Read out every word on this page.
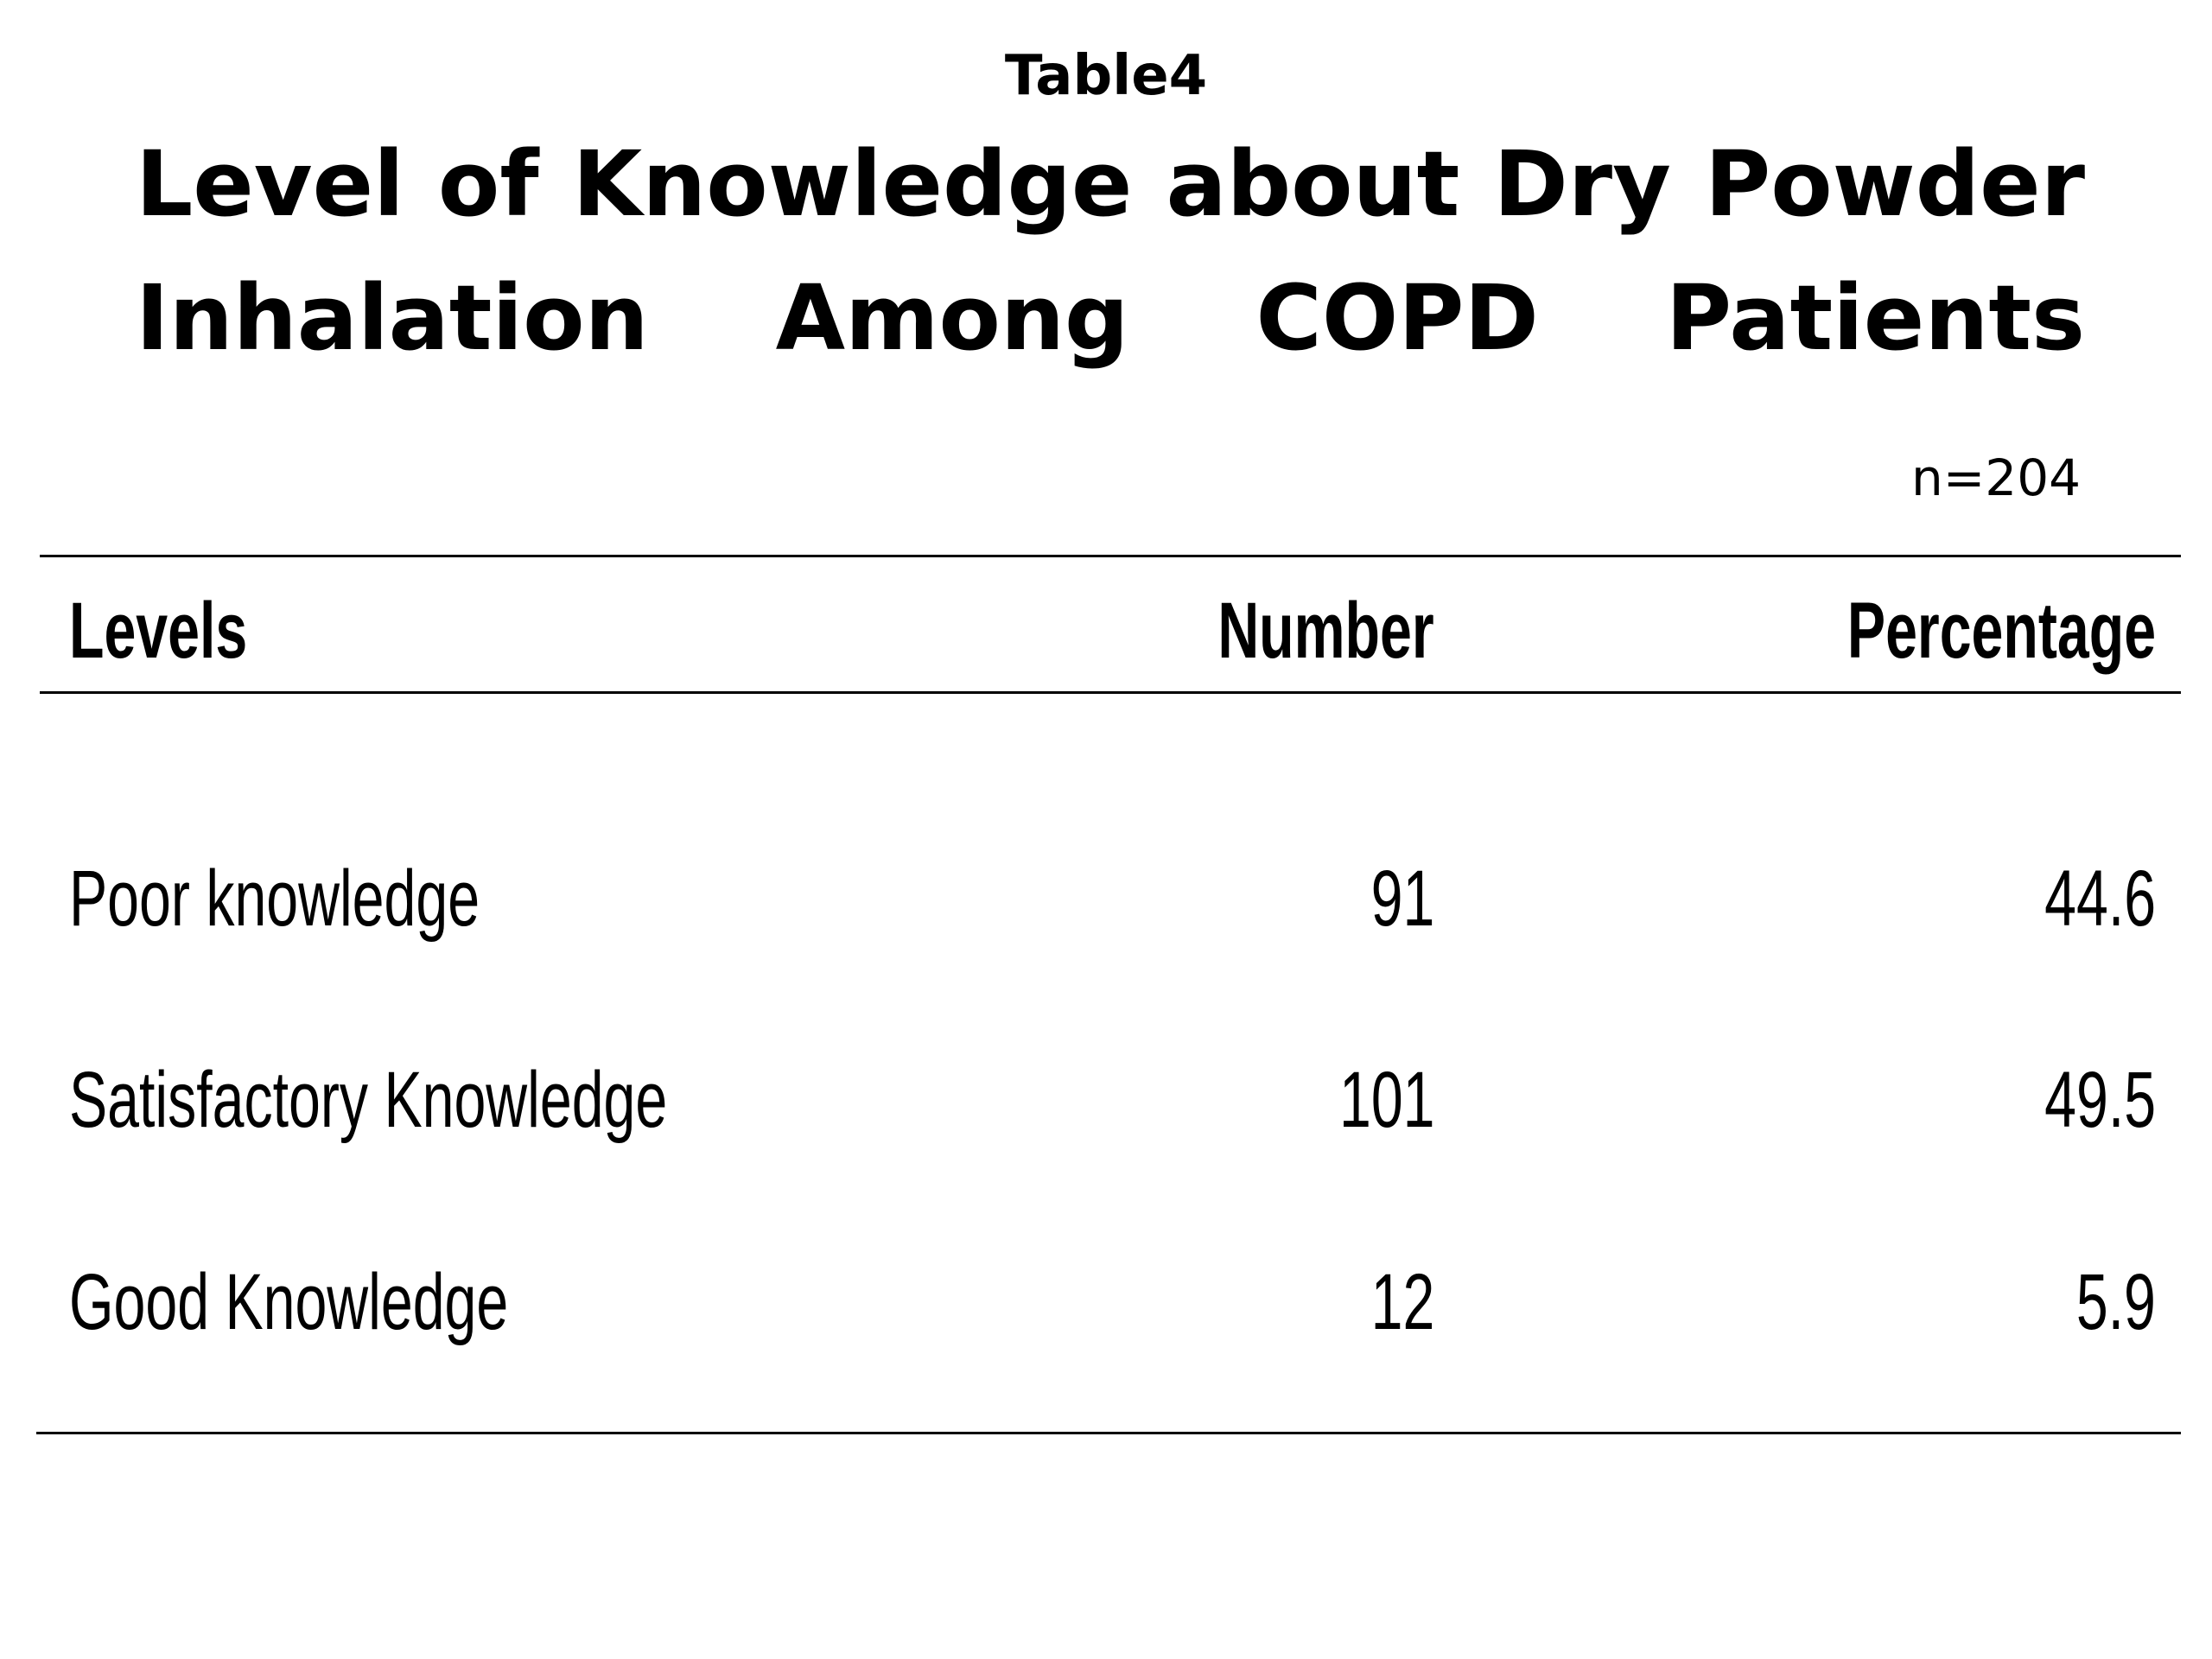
Table4
Level of Knowledge about Dry Powder
Inhalation Among COPD Patients
n=204
Levels	Number	Percentage
Poor knowledge	91	44.6
Satisfactory Knowledge	101	49.5
Good Knowledge	12	5.9
